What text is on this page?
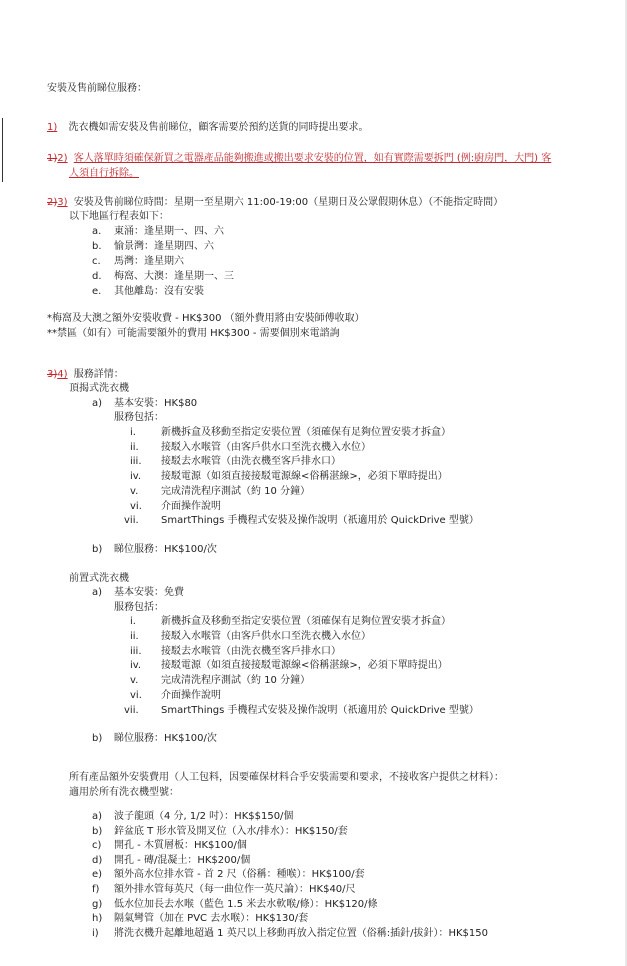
安裝及售前睇位服務：
1) 洗衣機如需安裝及售前睇位，顧客需要於預約送貨的同時提出要求。
1)2) 客人落單時須確保新買之電器產品能夠搬進或搬出要求安裝的位置，如有實際需要拆門 (例:廚房門，大門) 客
人須自行拆除。
2)3) 安裝及售前睇位時間：星期一至星期六 11:00-19:00（星期日及公眾假期休息）（不能指定時間）
以下地區行程表如下：
a. 東涌：逢星期一、四、六
b. 愉景灣：逢星期四、六
c. 馬灣：逢星期六
d. 梅窩、大澳：逢星期一、三
e. 其他離島：沒有安裝
*梅窩及大澳之額外安裝收費 - HK$300 （額外費用將由安裝師傅收取）
**禁區（如有）可能需要額外的費用 HK$300 - 需要個別來電諮詢
3)4) 服務詳情：
頂揭式洗衣機
a) 基本安裝：HK$80
服務包括：
i.	新機拆盒及移動至指定安裝位置（須確保有足夠位置安裝才拆盒）
ii. 接駁入水喉管（由客戶供水口至洗衣機入水位）
iii. 接駁去水喉管（由洗衣機至客戶排水口）
iv. 接駁電源（如須直接接駁電源線<俗稱湛線>，必須下單時提出）
v. 完成清洗程序測試（約 10 分鐘）
vi. 介面操作說明
vii. SmartThings 手機程式安裝及操作說明（祇適用於 QuickDrive 型號）
b) 睇位服務：HK$100/次
前置式洗衣機
a) 基本安裝：免費
服務包括：
i.	新機拆盒及移動至指定安裝位置（須確保有足夠位置安裝才拆盒）
ii. 接駁入水喉管（由客戶供水口至洗衣機入水位）
iii. 接駁去水喉管（由洗衣機至客戶排水口）
iv. 接駁電源（如須直接接駁電源線<俗稱湛線>，必須下單時提出）
v. 完成清洗程序測試（約 10 分鐘）
vi. 介面操作說明
vii. SmartThings 手機程式安裝及操作說明（祇適用於 QuickDrive 型號）
b) 睇位服務：HK$100/次
所有產品額外安裝費用（人工包料，因要確保材料合乎安裝需要和要求，不接收客户提供之材料）：
適用於所有洗衣機型號：
a) 波子龍頭（4 分, 1/2 吋）：HK$$150/個
b) 鋅盆底 T 形水管及開叉位（入水/排水）：HK$150/套
c) 開孔 - 木質層板：HK$100/個
d) 開孔 - 磚/混凝土：HK$200/個
e) 額外高水位排水管 - 首 2 尺（俗稱：種喉）：HK$100/套
f) 額外排水管每英尺（每一曲位作一英尺論）：HK$40/尺
g) 低水位加長去水喉（藍色 1.5 米去水軟喉/條）：HK$120/條
h) 隔氣彎管（加在 PVC 去水喉）：HK$130/套
i) 將洗衣機升起離地超過 1 英尺以上移動再放入指定位置（俗稱:插針/拔針）：HK$150
